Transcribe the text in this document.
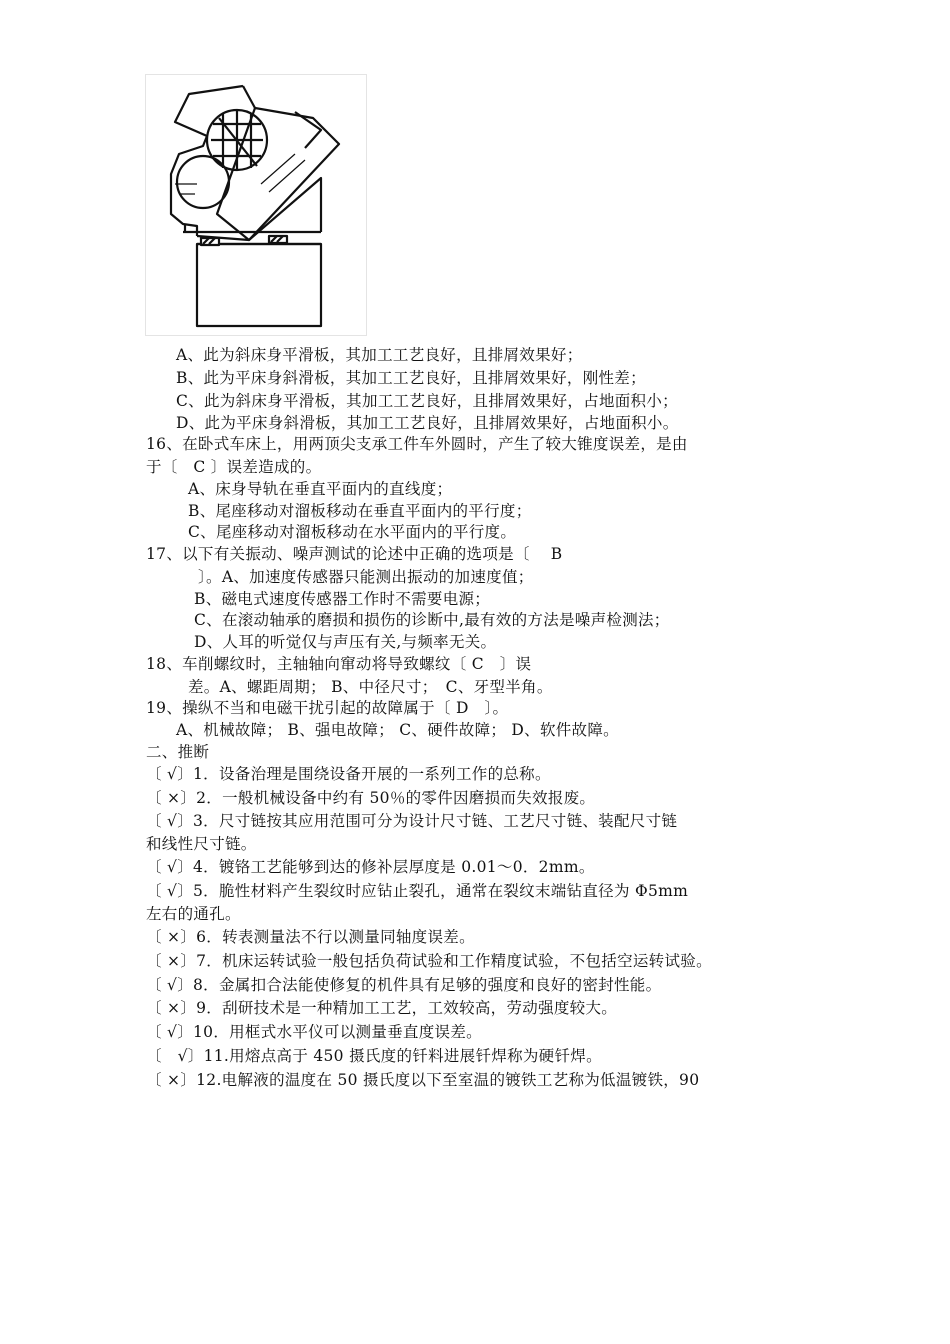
A、此为斜床身平滑板，其加工工艺良好，且排屑效果好；
B、此为平床身斜滑板，其加工工艺良好，且排屑效果好，刚性差；
C、此为斜床身平滑板，其加工工艺良好，且排屑效果好，占地面积小；
D、此为平床身斜滑板，其加工工艺良好，且排屑效果好，占地面积小。
16、在卧式车床上，用两顶尖支承工件车外圆时，产生了较大锥度误差，是由
于〔　C 〕误差造成的。
A、床身导轨在垂直平面内的直线度；
B、尾座移动对溜板移动在垂直平面内的平行度；
C、尾座移动对溜板移动在水平面内的平行度。
17、以下有关振动、噪声测试的论述中正确的选项是〔　 B
〕。A、加速度传感器只能测出振动的加速度值；
B、磁电式速度传感器工作时不需要电源；
C、在滚动轴承的磨损和损伤的诊断中,最有效的方法是噪声检测法；
D、人耳的听觉仅与声压有关,与频率无关。
18、车削螺纹时，主轴轴向窜动将导致螺纹〔 C　〕误
差。A、螺距周期； B、中径尺寸；　C、牙型半角。
19、操纵不当和电磁干扰引起的故障属于〔 D　〕。
A、机械故障； B、强电故障； C、硬件故障； D、软件故障。
二、推断
〔 √〕1．设备治理是围绕设备开展的一系列工作的总称。
〔 ×〕2．一般机械设备中约有 50％的零件因磨损而失效报废。
〔 √〕3．尺寸链按其应用范围可分为设计尺寸链、工艺尺寸链、装配尺寸链
和线性尺寸链。
〔 √〕4．镀铬工艺能够到达的修补层厚度是 0.01～0．2mm。
〔 √〕5．脆性材料产生裂纹时应钻止裂孔，通常在裂纹末端钻直径为 Φ5mm
左右的通孔。
〔 ×〕6．转表测量法不行以测量同轴度误差。
〔 ×〕7．机床运转试验一般包括负荷试验和工作精度试验，不包括空运转试验。
〔 √〕8．金属扣合法能使修复的机件具有足够的强度和良好的密封性能。
〔 ×〕9．刮研技术是一种精加工工艺，工效较高，劳动强度较大。
〔 √〕10．用框式水平仪可以测量垂直度误差。
〔　√〕11.用熔点高于 450 摄氏度的钎料进展钎焊称为硬钎焊。
〔 ×〕12.电解液的温度在 50 摄氏度以下至室温的镀铁工艺称为低温镀铁，90
